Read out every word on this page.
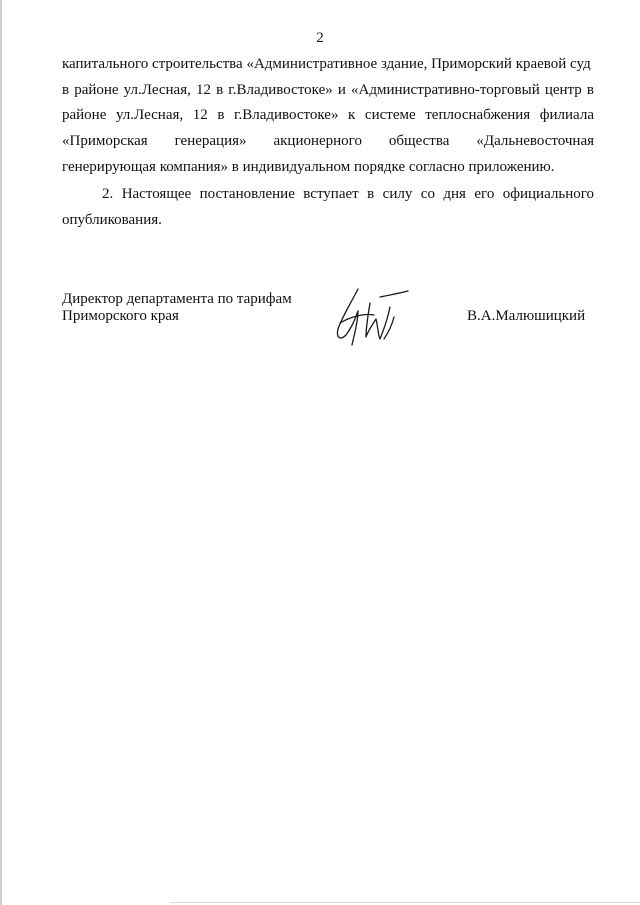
2
капитального строительства «Административное здание, Приморский краевой суд
в районе ул.Лесная, 12 в г.Владивостоке» и «Административно-торговый центр в
районе ул.Лесная, 12 в г.Владивостоке» к системе теплоснабжения филиала
«Приморская генерация» акционерного общества «Дальневосточная
генерирующая компания» в индивидуальном порядке согласно приложению.
2. Настоящее постановление вступает в силу со дня его официального
опубликования.
Директор департамента по тарифам
Приморского края	В.А.Малюшицкий
